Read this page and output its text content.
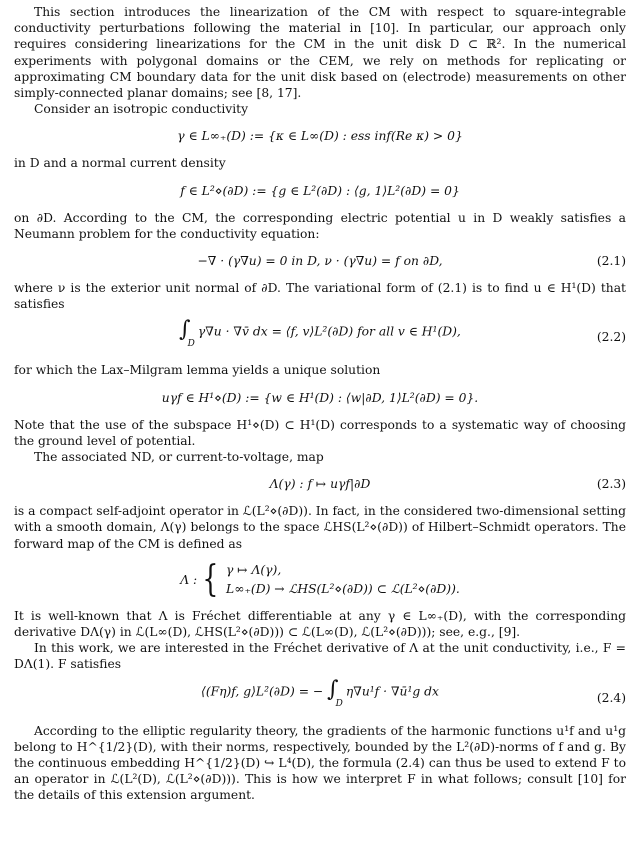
This section introduces the linearization of the CM with respect to square-integrable conductivity perturbations following the material in [10]. In particular, our approach only requires considering linearizations for the CM in the unit disk D ⊂ ℝ². In the numerical experiments with polygonal domains or the CEM, we rely on methods for replicating or approximating CM boundary data for the unit disk based on (electrode) measurements on other simply-connected planar domains; see [8, 17].

Consider an isotropic conductivity

γ ∈ L∞₊(D) := {κ ∈ L∞(D) : ess inf(Re κ) > 0}

in D and a normal current density

f ∈ L²⋄(∂D) := {g ∈ L²(∂D) : ⟨g, 1⟩L²(∂D) = 0}

on ∂D. According to the CM, the corresponding electric potential u in D weakly satisfies a Neumann problem for the conductivity equation:

−∇ · (γ∇u) = 0 in D, ν · (γ∇u) = f on ∂D,	(2.1)

where ν is the exterior unit normal of ∂D. The variational form of (2.1) is to find u ∈ H¹(D) that satisfies

$\int_D\gamma\nabla u$ · ∇v̄ dx = ⟨f, v⟩L²(∂D) for all v ∈ H¹(D),	(2.2)

for which the Lax–Milgram lemma yields a unique solution

uγf ∈ H¹⋄(D) := {w ∈ H¹(D) : ⟨w|∂D, 1⟩L²(∂D) = 0}.

Note that the use of the subspace H¹⋄(D) ⊂ H¹(D) corresponds to a systematic way of choosing the ground level of potential.

The associated ND, or current-to-voltage, map

Λ(γ) : f ↦ uγf|∂D	(2.3)

is a compact self-adjoint operator in ℒ(L²⋄(∂D)). In fact, in the considered two-dimensional setting with a smooth domain, Λ(γ) belongs to the space ℒHS(L²⋄(∂D)) of Hilbert–Schmidt operators. The forward map of the CM is defined as

Λ : { γ ↦ Λ(γ),
L∞₊(D) → ℒHS(L²⋄(∂D)) ⊂ ℒ(L²⋄(∂D)).

It is well-known that Λ is Fréchet differentiable at any γ ∈ L∞₊(D), with the corresponding derivative DΛ(γ) in ℒ(L∞(D), ℒHS(L²⋄(∂D))) ⊂ ℒ(L∞(D), ℒ(L²⋄(∂D))); see, e.g., [9].

In this work, we are interested in the Fréchet derivative of Λ at the unit conductivity, i.e., F = DΛ(1). F satisfies

⟨(Fη)f, g⟩L²(∂D) = − $\int_D\eta\nabla u^1f$ · ∇ū¹g dx	(2.4)

According to the elliptic regularity theory, the gradients of the harmonic functions u¹f and u¹g belong to H^{1/2}(D), with their norms, respectively, bounded by the L²(∂D)-norms of f and g. By the continuous embedding H^{1/2}(D) ↪ L⁴(D), the formula (2.4) can thus be used to extend F to an operator in ℒ(L²(D), ℒ(L²⋄(∂D))). This is how we interpret F in what follows; consult [10] for the details of this extension argument.
